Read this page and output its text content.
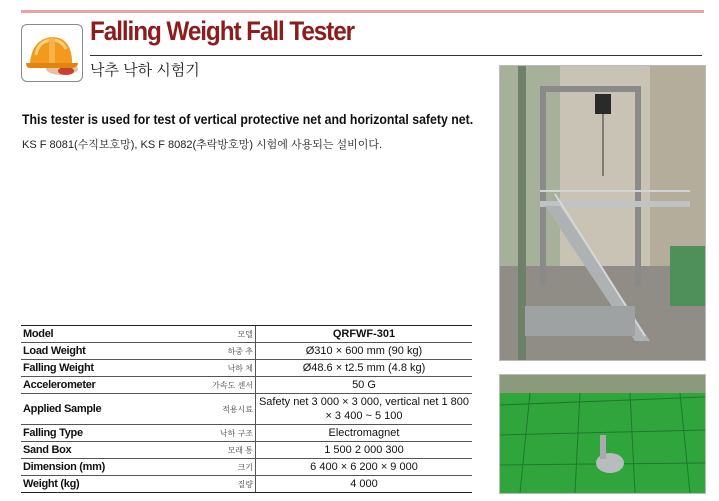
Falling Weight Fall Tester
낙추 낙하 시험기
This tester is used for test of vertical protective net and horizontal safety net.
KS F 8081(수직보호망), KS F 8082(추락방호망) 시험에 사용되는 설비이다.
Model	모델	QRFWF-301
Load Weight	하중 추	Ø310 × 600 mm (90 kg)
Falling Weight	낙하 체	Ø48.6 × t2.5 mm (4.8 kg)
Accelerometer	가속도 센서	50 G
Applied Sample	적용시료	Safety net 3 000 × 3 000, vertical net 1 800
× 3 400 ~ 5 100

Falling Type	낙하 구조	Electromagnet
Sand Box	모래 통	1 500 2 000 300
Dimension (mm)	크기	6 400 × 6 200 × 9 000
Weight (kg)	질량	4 000
